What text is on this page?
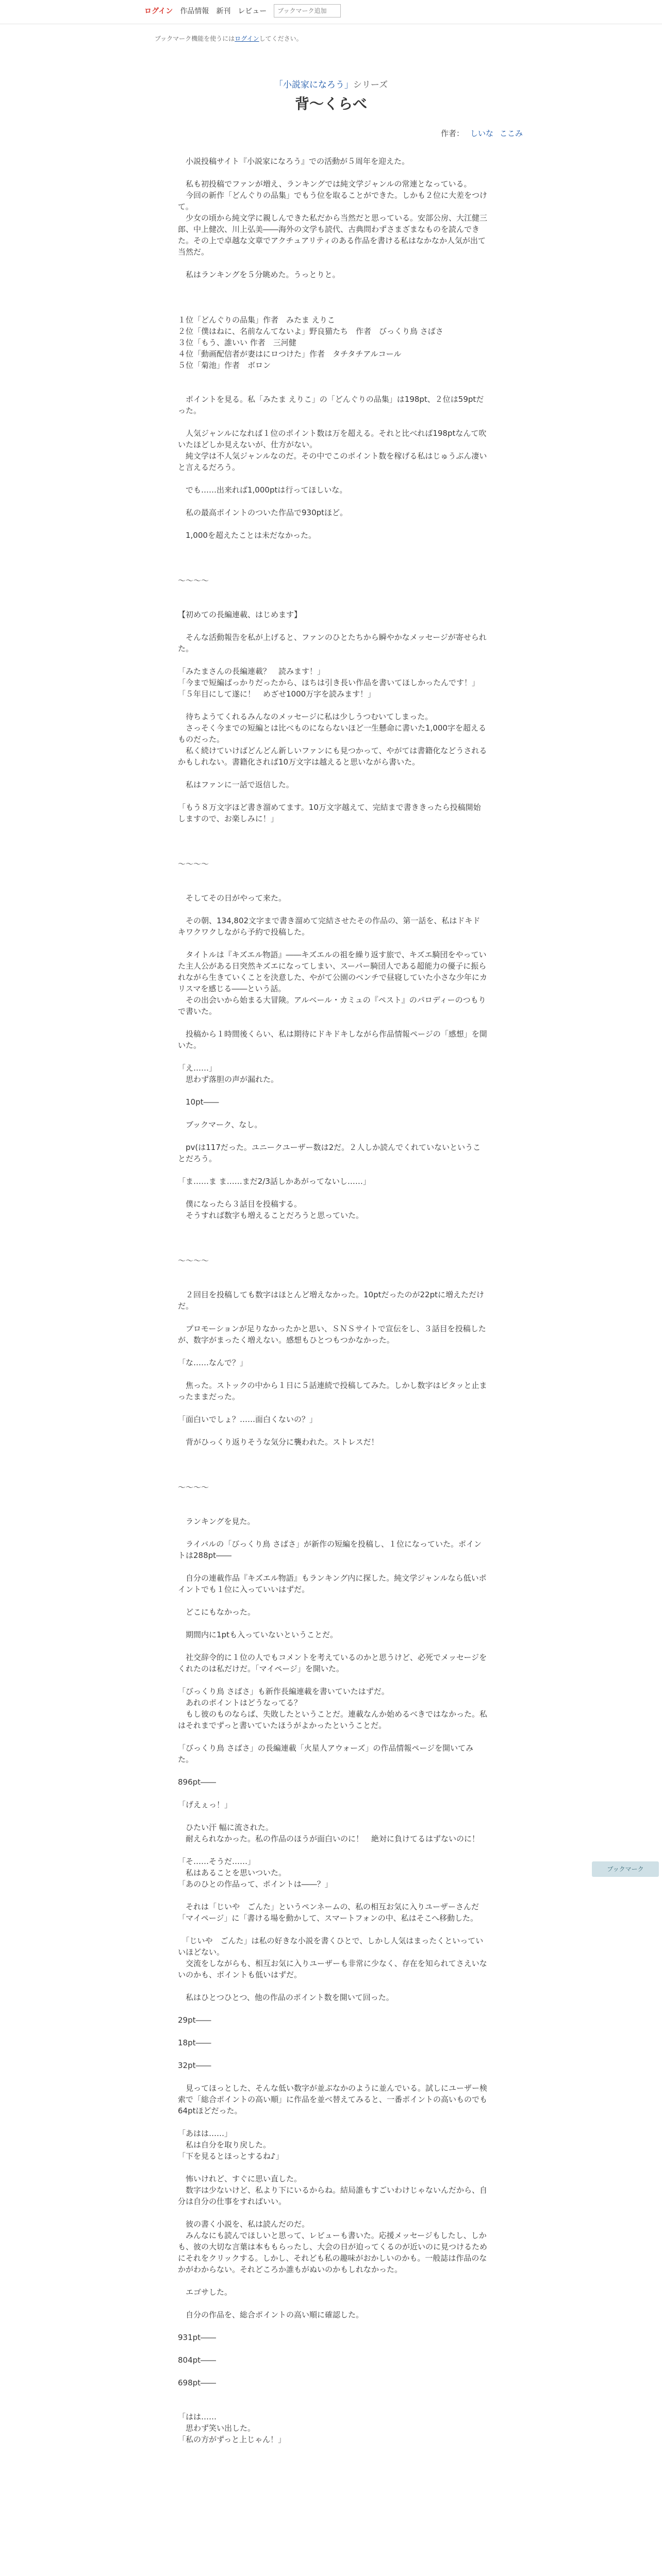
ログイン 作品情報 新刊 レビュー
ブックマーク追加
ブックマーク機能を使うにはログインしてください。
「小説家になろう」シリーズ
背〜くらべ
作者： しいな ここみ

　小説投稿サイト『小説家になろう』での活動が５周年を迎えた。

　私も初投稿でファンが増え、ランキングでは純文学ジャンルの常連となっている。

　今回の新作「どんぐりの品集」でもう位を取ることができた。しかも２位に大差をつけて。

　少女の頃から純文学に親しんできた私だから当然だと思っている。安部公房、大江健三郎、中上健次、川上弘美――海外の文学も読代、古典問わずさまざまなものを読んできた。その上で卓越な文章でアクチュアリティのある作品を書ける私はなかなか人気が出て当然だ。

　私はランキングを５分眺めた。うっとりと。

１位「どんぐりの品集」作者　みたま えりこ

２位「僕はねに、名前なんてないよ」野良猫たち　作者　びっくり鳥 さばさ

３位「もう、誰いい 作者　三河健

４位「動画配信者が妻はにロつけた」作者　タチタチアルコール

５位「菊池」作者　ボロン

　ポイントを見る。私「みたま えりこ」の「どんぐりの品集」は198pt、２位は59ptだった。

　人気ジャンルになれば１位のポイント数は万を超える。それと比べれば198ptなんて吹いたほどしか見えないが、仕方がない。

　純文学は不人気ジャンルなのだ。その中でこのポイント数を稼げる私はじゅうぶん凄いと言えるだろう。

　でも……出来れば1,000ptは行ってほしいな。

　私の最高ポイントのついた作品で930ptほど。

　1,000を超えたことは未だなかった。

〜〜〜〜

【初めての長編連載、はじめます】

　そんな活動報告を私が上げると、ファンのひとたちから瞬やかなメッセージが寄せられた。

「みたまさんの長編連載？　読みます！」

「今まで短編ばっかりだったから、ほちは引き長い作品を書いてほしかったんです！」

「５年目にして遂に！　めざせ1000万字を読みます！」

　待ちようてくれるみんなのメッセージに私は少しうつむいてしまった。

　さっそく今までの短編とは比べものにならないほど一生懸命に書いた1,000字を超えるものだった。

　私く続けていけばどんどん新しいファンにも見つかって、やがては書籍化などうされるかもしれない。書籍化されば10万文字は越えると思いながら書いた。

　私はファンに一話で返信した。

「もう８万文字ほど書き溜めてます。10万文字越えて、完結まで書ききったら投稿開始しますので、お楽しみに！」

〜〜〜〜

　そしてその日がやって来た。

　その朝、134,802文字まで書き溜めて完結させたその作品の、第一話を、私はドキドキワクワクしながら予約で投稿した。

　タイトルは『キズエル物語』――キズエルの祖を繰り返す旅で、キズエ騎団をやっていた主人公がある日突然キズエになってしまい、スーパー騎団人である超能力の優子に振られながら生きていくことを決意した、やがて公園のベンチで昼寝していた小さな少年にカリスマを感じる――という話。

　その出会いから始まる大冒険。アルベール・カミュの『ペスト』のパロディーのつもりで書いた。

　投稿から１時間後くらい、私は期待にドキドキしながら作品情報ページの「感想」を開いた。

「え……」

　思わず落胆の声が漏れた。

　10pt――

　ブックマーク、なし。

　pv(は117だった。ユニークユーザー数は2だ。２人しか読んでくれていないということだろう。

「ま……ま ま……まだ2/3話しかあがってないし……」

　僕になったら３話目を投稿する。

　そうすれば数字も増えることだろうと思っていた。

〜〜〜〜

　２回目を投稿しても数字はほとんど増えなかった。10ptだったのが22ptに増えただけだ。

　プロモーションが足りなかったかと思い、ＳＮＳサイトで宣伝をし、３話目を投稿したが、数字がまったく増えない。感想もひとつもつかなかった。

「な……なんで？」

　焦った。ストックの中から１日に５話連続で投稿してみた。しかし数字はピタッと止まったままだった。

「面白いでしょ？……面白くないの？」

　背がひっくり返りそうな気分に襲われた。ストレスだ！

〜〜〜〜

　ランキングを見た。

　ライバルの「びっくり鳥 さばさ」が新作の短編を投稿し、１位になっていた。ポイントは288pt――

　自分の連載作品『キズエル物語』もランキング内に探した。純文学ジャンルなら低いポイントでも１位に入っていいはずだ。

　どこにもなかった。

　期間内に1ptも入っていないということだ。

　社交辞令的に１位の人でもコメントを考えているのかと思うけど、必死でメッセージをくれたのは私だけだ。「マイページ」を開いた。

「びっくり鳥 さばさ」も新作長編連載を書いていたはずだ。

　あれのポイントはどうなってる？

　もし彼のものならば、失敗したということだ。連載なんか始めるべきではなかった。私はそれまでずっと書いていたほうがよかったということだ。

「びっくり鳥 さばさ」の長編連載「火星人アウォーズ」の作品情報ページを開いてみた。

896pt――

「げえぇっ！」

　ひたい汗 幅に流された。

　耐えられなかった。私の作品のほうが面白いのに！　絶対に負けてるはずないのに！

「そ……そうだ……」

　私はあることを思いついた。

「あのひとの作品って、ポイントは――？」

　それは「じいや　ごんた」というペンネームの、私の相互お気に入りユーザーさんだ「マイページ」に「書ける場を動かして、スマートフォンの中、私はそこへ移動した。

　「じいや　ごんた」は私の好きな小説を書くひとで、しかし人気はまったくといっていいほどない。

　交流をしながらも、相互お気に入りユーザーも非常に少なく、存在を知られてさえいないのかも、ポイントも低いはずだ。

　私はひとつひとつ、他の作品のポイント数を開いて回った。

29pt――

18pt――

32pt――

　見ってほっとした、そんな低い数字が並ぶなかのように並んでいる。試しにユーザー検索で「総合ポイントの高い順」に作品を並べ替えてみると、一番ポイントの高いものでも64ptほどだった。

「あはは……」

　私は自分を取り戻した。

「下を見るとほっとするね♪」

　怖いけれど、すぐに思い直した。

　数字は少ないけど、私より下にいるからね。結局誰もすごいわけじゃないんだから、自分は自分の仕事をすればいい。

　彼の書く小説を、私は読んだのだ。

　みんなにも読んでほしいと思って、レビューも書いた。応援メッセージもしたし、しかも、彼の大切な言葉は本ももらったし、大会の日が迫ってくるのが近いのに見つけるためにそれをクリックする。しかし、それども私の趣味がおかしいのかも。一般誌は作品のなかがわからない。それどころか誰もがぬいのかもしれなかった。

　エゴサした。

　自分の作品を、総合ポイントの高い順に確認した。

931pt――

804pt――

698pt――

「はは……

　思わず笑い出した。

「私の方がずっと上じゃん！」

ブックマーク
